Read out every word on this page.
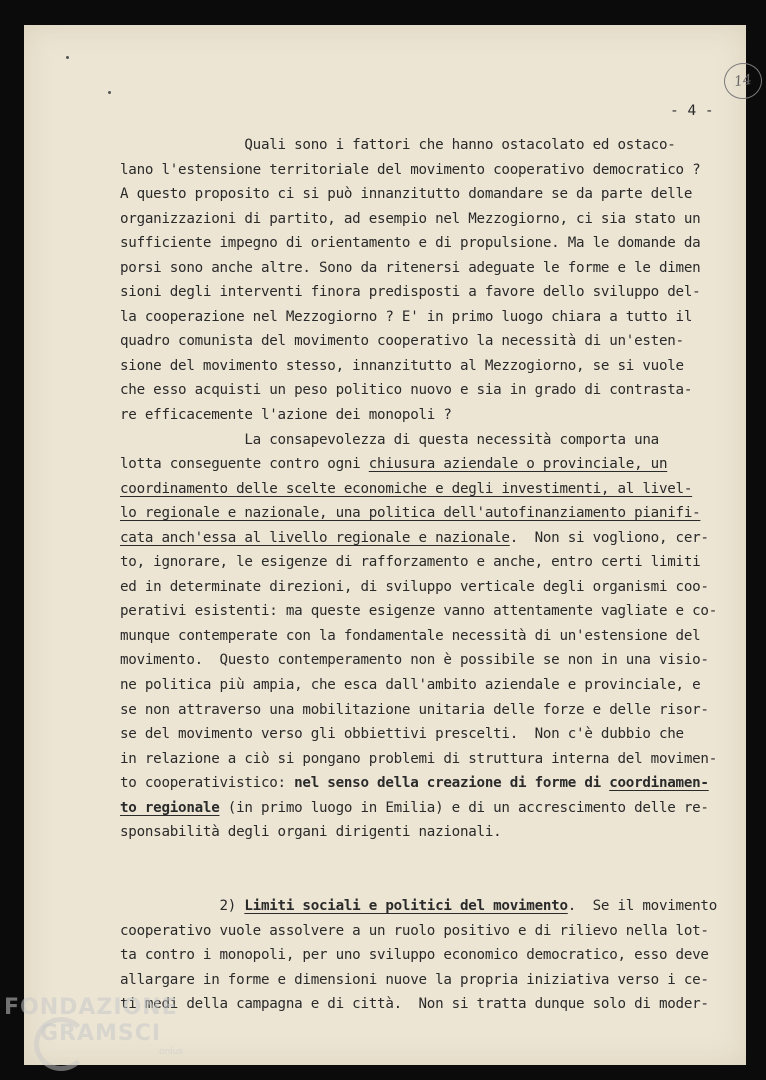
14
- 4 -
Quali sono i fattori che hanno ostacolato ed ostaco-
lano l'estensione territoriale del movimento cooperativo democratico ?
A questo proposito ci si può innanzitutto domandare se da parte delle
organizzazioni di partito, ad esempio nel Mezzogiorno, ci sia stato un
sufficiente impegno di orientamento e di propulsione. Ma le domande da
porsi sono anche altre. Sono da ritenersi adeguate le forme e le dimen
sioni degli interventi finora predisposti a favore dello sviluppo del-
la cooperazione nel Mezzogiorno ? E' in primo luogo chiara a tutto il
quadro comunista del movimento cooperativo la necessità di un'esten-
sione del movimento stesso, innanzitutto al Mezzogiorno, se si vuole
che esso acquisti un peso politico nuovo e sia in grado di contrasta-
re efficacemente l'azione dei monopoli ?
La consapevolezza di questa necessità comporta una
lotta conseguente contro ogni chiusura aziendale o provinciale, un
coordinamento delle scelte economiche e degli investimenti, al livel-
lo regionale e nazionale, una politica dell'autofinanziamento pianifi-
cata anch'essa al livello regionale e nazionale.  Non si vogliono, cer-
to, ignorare, le esigenze di rafforzamento e anche, entro certi limiti
ed in determinate direzioni, di sviluppo verticale degli organismi coo-
perativi esistenti: ma queste esigenze vanno attentamente vagliate e co-
munque contemperate con la fondamentale necessità di un'estensione del
movimento.  Questo contemperamento non è possibile se non in una visio-
ne politica più ampia, che esca dall'ambito aziendale e provinciale, e
se non attraverso una mobilitazione unitaria delle forze e delle risor-
se del movimento verso gli obbiettivi prescelti.  Non c'è dubbio che
in relazione a ciò si pongano problemi di struttura interna del movimen-
to cooperativistico: nel senso della creazione di forme di coordinamen-
to regionale (in primo luogo in Emilia) e di un accrescimento delle re-
sponsabilità degli organi dirigenti nazionali.
2) Limiti sociali e politici del movimento.  Se il movimento
cooperativo vuole assolvere a un ruolo positivo e di rilievo nella lot-
ta contro i monopoli, per uno sviluppo economico democratico, esso deve
allargare in forme e dimensioni nuove la propria iniziativa verso i ce-
ti medi della campagna e di città.  Non si tratta dunque solo di moder-
FONDAZIONE
GRAMSCI
onlus
